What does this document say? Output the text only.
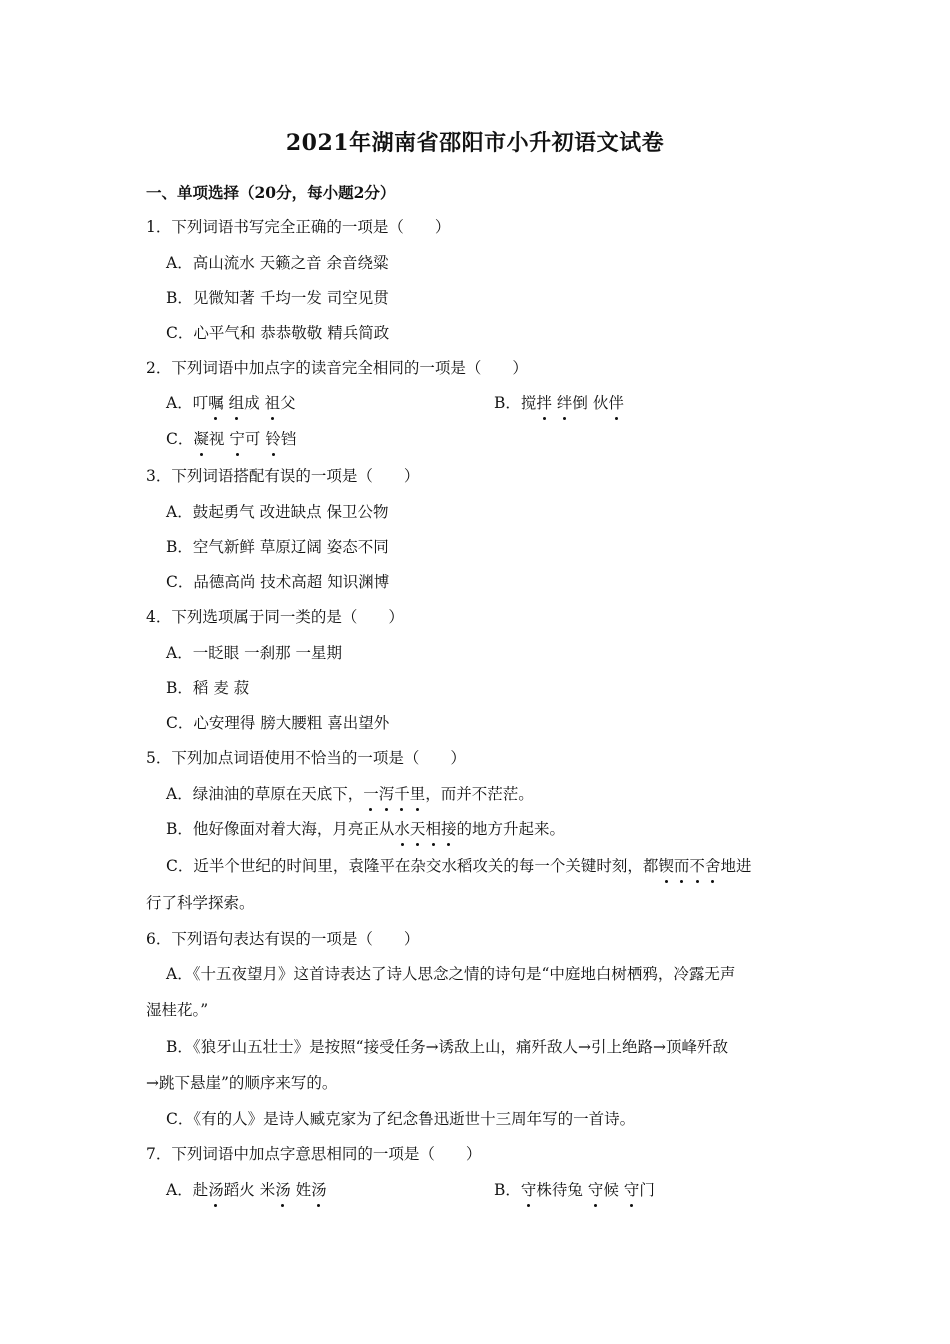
2021年湖南省邵阳市小升初语文试卷
一、单项选择（20分，每小题2分）
1．下列词语书写完全正确的一项是（　　）
A．高山流水 天籁之音 余音绕粱
B．见微知著 千均一发 司空见贯
C．心平气和 恭恭敬敬 精兵简政
2．下列词语中加点字的读音完全相同的一项是（　　）
A．叮嘱 组成 祖父	B．搅拌 绊倒 伙伴
C．凝视 宁可 铃铛
3．下列词语搭配有误的一项是（　　）
A．鼓起勇气 改进缺点 保卫公物
B．空气新鲜 草原辽阔 姿态不同
C．品德高尚 技术高超 知识渊博
4．下列选项属于同一类的是（　　）
A．一眨眼 一刹那 一星期
B．稻 麦 菽
C．心安理得 膀大腰粗 喜出望外
5．下列加点词语使用不恰当的一项是（　　）
A．绿油油的草原在天底下，一泻千里，而并不茫茫。
B．他好像面对着大海，月亮正从水天相接的地方升起来。
C．近半个世纪的时间里，袁隆平在杂交水稻攻关的每一个关键时刻，都锲而不舍地进
行了科学探索。
6．下列语句表达有误的一项是（　　）
A．《十五夜望月》这首诗表达了诗人思念之情的诗句是“中庭地白树栖鸦，冷露无声
湿桂花。”
B．《狼牙山五壮士》是按照“接受任务→诱敌上山，痛歼敌人→引上绝路→顶峰歼敌
→跳下悬崖”的顺序来写的。
C．《有的人》是诗人臧克家为了纪念鲁迅逝世十三周年写的一首诗。
7．下列词语中加点字意思相同的一项是（　　）
A．赴汤蹈火 米汤 姓汤	B．守株待兔 守候 守门
